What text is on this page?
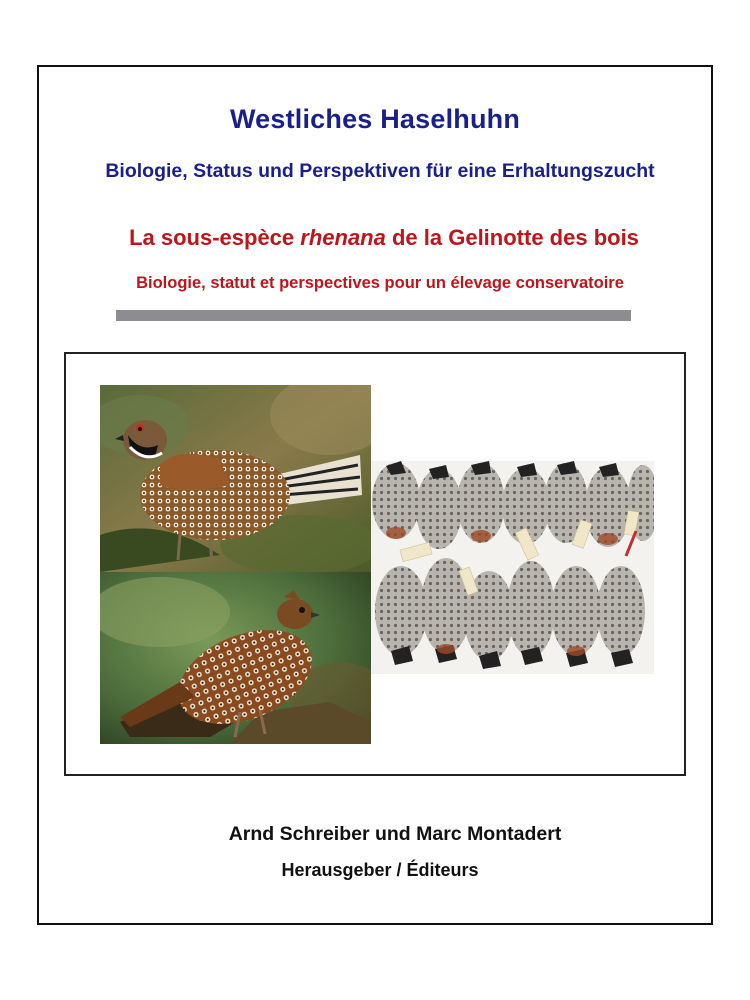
Westliches Haselhuhn
Biologie, Status und Perspektiven für eine Erhaltungszucht
La sous-espèce rhenana de la Gelinotte des bois
Biologie, statut et perspectives pour un élevage conservatoire
Arnd Schreiber und Marc Montadert
Herausgeber / Éditeurs
